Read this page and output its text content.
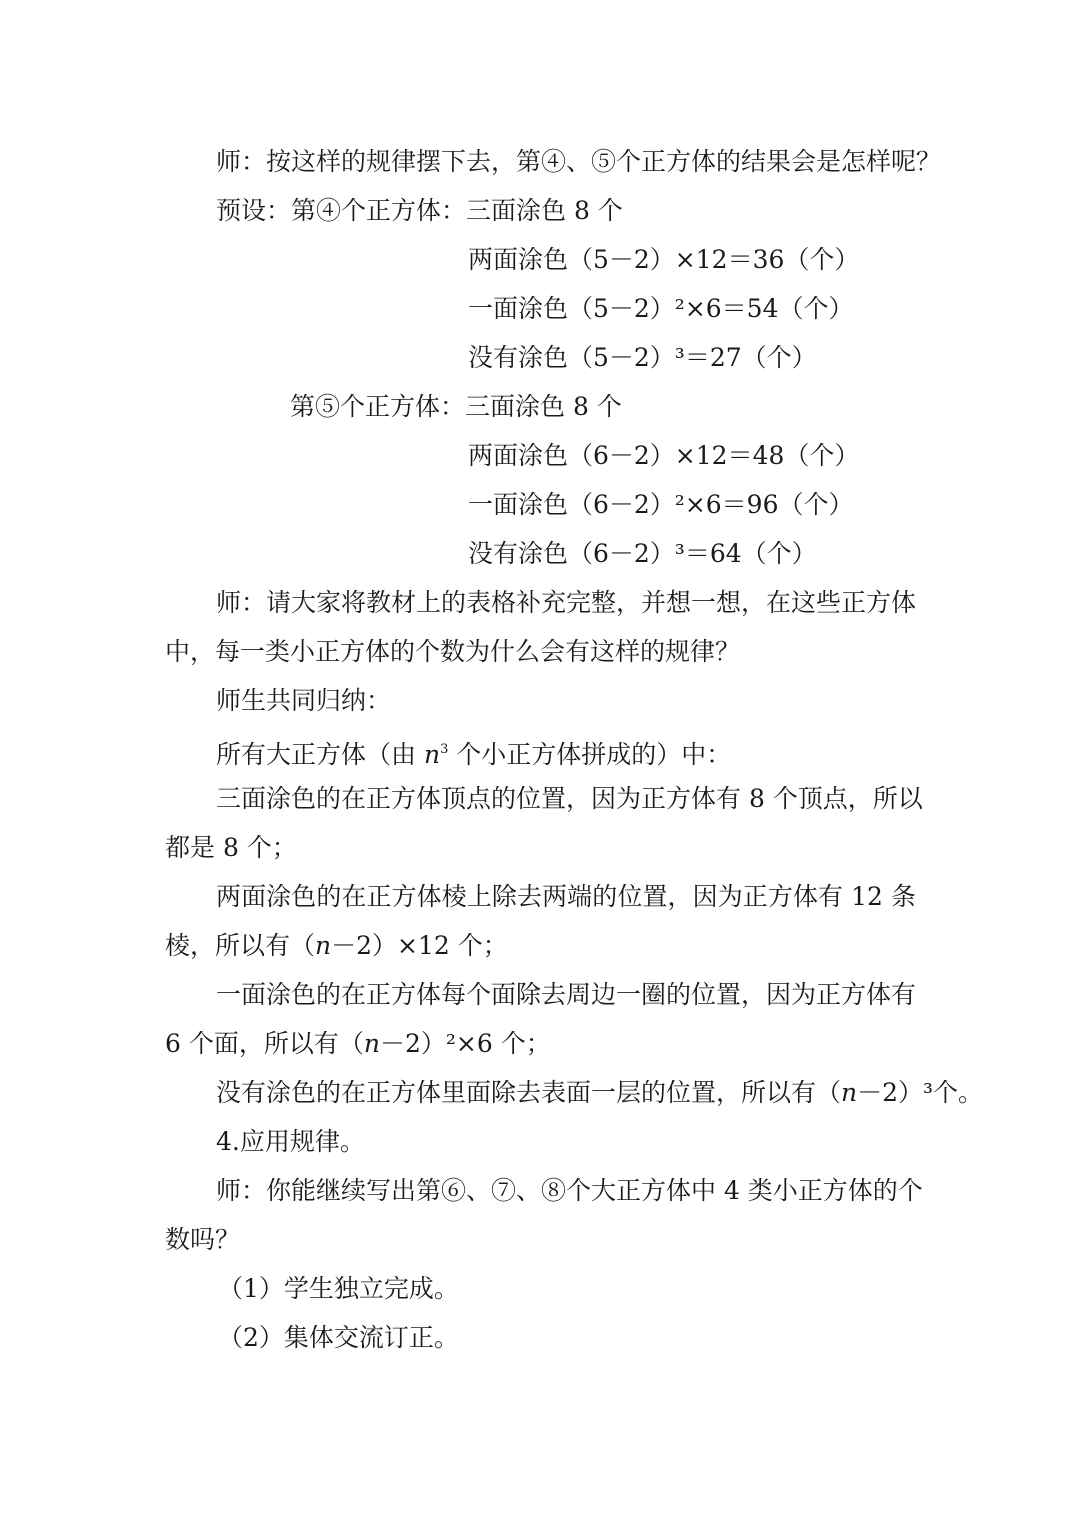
师：按这样的规律摆下去，第④、⑤个正方体的结果会是怎样呢？
预设：第④个正方体：三面涂色 8 个
两面涂色（5－2）×12＝36（个）
一面涂色（5－2）²×6＝54（个）
没有涂色（5－2）³＝27（个）
第⑤个正方体：三面涂色 8 个
两面涂色（6－2）×12＝48（个）
一面涂色（6－2）²×6＝96（个）
没有涂色（6－2）³＝64（个）
师：请大家将教材上的表格补充完整，并想一想，在这些正方体
中，每一类小正方体的个数为什么会有这样的规律？
师生共同归纳：
所有大正方体（由 $n^3$ 个小正方体拼成的）中：
三面涂色的在正方体顶点的位置，因为正方体有 8 个顶点，所以
都是 8 个；
两面涂色的在正方体棱上除去两端的位置，因为正方体有 12 条
棱，所以有（n－2）×12 个；
一面涂色的在正方体每个面除去周边一圈的位置，因为正方体有
6 个面，所以有（n－2）²×6 个；
没有涂色的在正方体里面除去表面一层的位置，所以有（n－2）³个。
4.应用规律。
师：你能继续写出第⑥、⑦、⑧个大正方体中 4 类小正方体的个
数吗？
（1）学生独立完成。
（2）集体交流订正。
